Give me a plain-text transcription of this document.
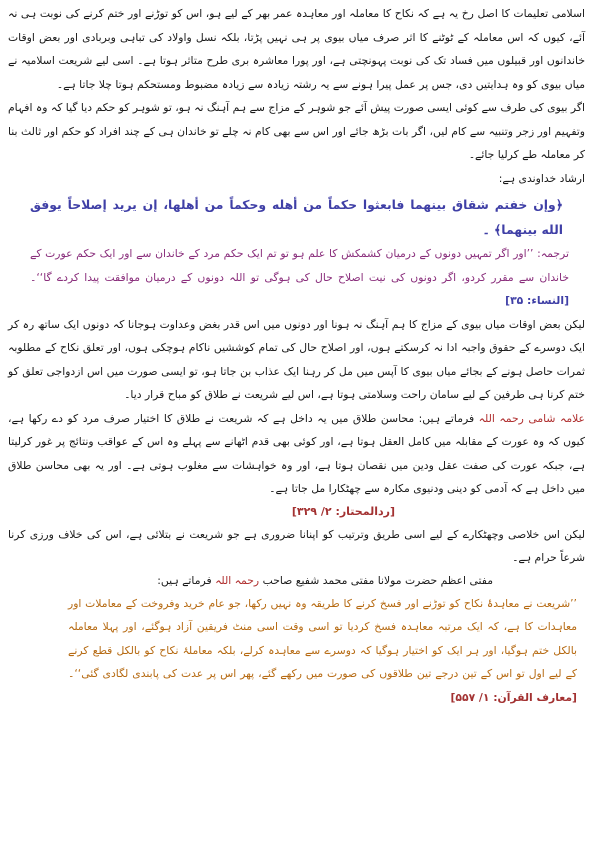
اسلامی تعلیمات کا اصل رخ یہ ہے کہ نکاح کا معاملہ اور معاہدہ عمر بھر کے لیے ہو، اس کو توڑنے اور ختم کرنے کی نوبت ہی نہ آئے، کیوں کہ اس معاملہ کے ٹوٹنے کا اثر صرف میاں بیوی پر ہی نہیں پڑتا، بلکہ نسل واولاد کی تباہی وبربادی اور بعض اوقات خاندانوں اور قبیلوں میں فساد تک کی نوبت پہونچتی ہے، اور پورا معاشرہ بری طرح متاثر ہوتا ہے۔ اسی لیے شریعت اسلامیہ نے میاں بیوی کو وہ ہدایتیں دی، جس پر عمل پیرا ہونے سے یہ رشتہ زیادہ سے زیادہ مضبوط ومستحکم ہوتا چلا جاتا ہے۔

اگر بیوی کی طرف سے کوئی ایسی صورت پیش آئے جو شوہر کے مزاج سے ہم آہنگ نہ ہو، تو شوہر کو حکم دیا گیا کہ وہ افہام وتفہیم اور زجر وتنبیہ سے کام لیں، اگر بات بڑھ جائے اور اس سے بھی کام نہ چلے تو خاندان ہی کے چند افراد کو حکم اور ثالث بنا کر معاملہ طے کرلیا جائے۔

ارشاد خداوندی ہے:

﴿وإن خفتم شقاق بينهما فابعثوا حكماً من أهله وحكماً من أهلها، إن يريد إصلاحاً يوفق الله بينهما﴾ ۔

ترجمہ: ’’اور اگر تمہیں دونوں کے درمیان کشمکش کا علم ہو تو تم ایک حکم مرد کے خاندان سے اور ایک حکم عورت کے خاندان سے مقرر کردو، اگر دونوں کی نیت اصلاح حال کی ہوگی تو اللہ دونوں کے درمیان موافقت پیدا کردے گا‘‘۔ [النساء: ۳۵]

لیکن بعض اوقات میاں بیوی کے مزاج کا ہم آہنگ نہ ہونا اور دونوں میں اس قدر بغض وعداوت ہوجانا کہ دونوں ایک ساتھ رہ کر ایک دوسرے کے حقوق واجبہ ادا نہ کرسکتے ہوں، اور اصلاح حال کی تمام کوششیں ناکام ہوچکی ہوں، اور تعلق نکاح کے مطلوبہ ثمرات حاصل ہونے کے بجائے میاں بیوی کا آپس میں مل کر رہنا ایک عذاب بن جاتا ہو، تو ایسی صورت میں اس ازدواجی تعلق کو ختم کرنا ہی طرفین کے لیے سامان راحت وسلامتی ہوتا ہے، اس لیے شریعت نے طلاق کو مباح قرار دیا۔

علامہ شامی رحمہ اللہ فرماتے ہیں: محاسن طلاق میں یہ داخل ہے کہ شریعت نے طلاق کا اختیار صرف مرد کو دے رکھا ہے، کیوں کہ وہ عورت کے مقابلہ میں کامل العقل ہوتا ہے، اور کوئی بھی قدم اٹھانے سے پہلے وہ اس کے عواقب ونتائج پر غور کرلیتا ہے، جبکہ عورت کی صفت عقل ودین میں نقصان ہوتا ہے، اور وہ خواہشات سے مغلوب ہوتی ہے۔ اور یہ بھی محاسن طلاق میں داخل ہے کہ آدمی کو دینی ودنیوی مکارہ سے چھٹکارا مل جاتا ہے۔

[ردالمحتار: ۲/ ۳۲۹]

لیکن اس خلاصی وچھٹکارے کے لیے اسی طریق وترتیب کو اپنانا ضروری ہے جو شریعت نے بتلائی ہے، اس کی خلاف ورزی کرنا شرعاً حرام ہے۔

مفتی اعظم حضرت مولانا مفتی محمد شفیع صاحب رحمہ اللہ فرماتے ہیں:

’’شریعت نے معاہدۂ نکاح کو توڑنے اور فسخ کرنے کا طریقہ وہ نہیں رکھا، جو عام خرید وفروخت کے معاملات اور معاہدات کا ہے، کہ ایک مرتبہ معاہدہ فسخ کردیا تو اسی وقت اسی منٹ فریقین آزاد ہوگئے، اور پہلا معاملہ بالکل ختم ہوگیا، اور ہر ایک کو اختیار ہوگیا کہ دوسرے سے معاہدہ کرلے، بلکہ معاملۂ نکاح کو بالکل قطع کرنے کے لیے اول تو اس کے تین درجے تین طلاقوں کی صورت میں رکھے گئے، پھر اس پر عدت کی پابندی لگادی گئی‘‘۔ [معارف القرآن: ۱/ ۵۵۷]
